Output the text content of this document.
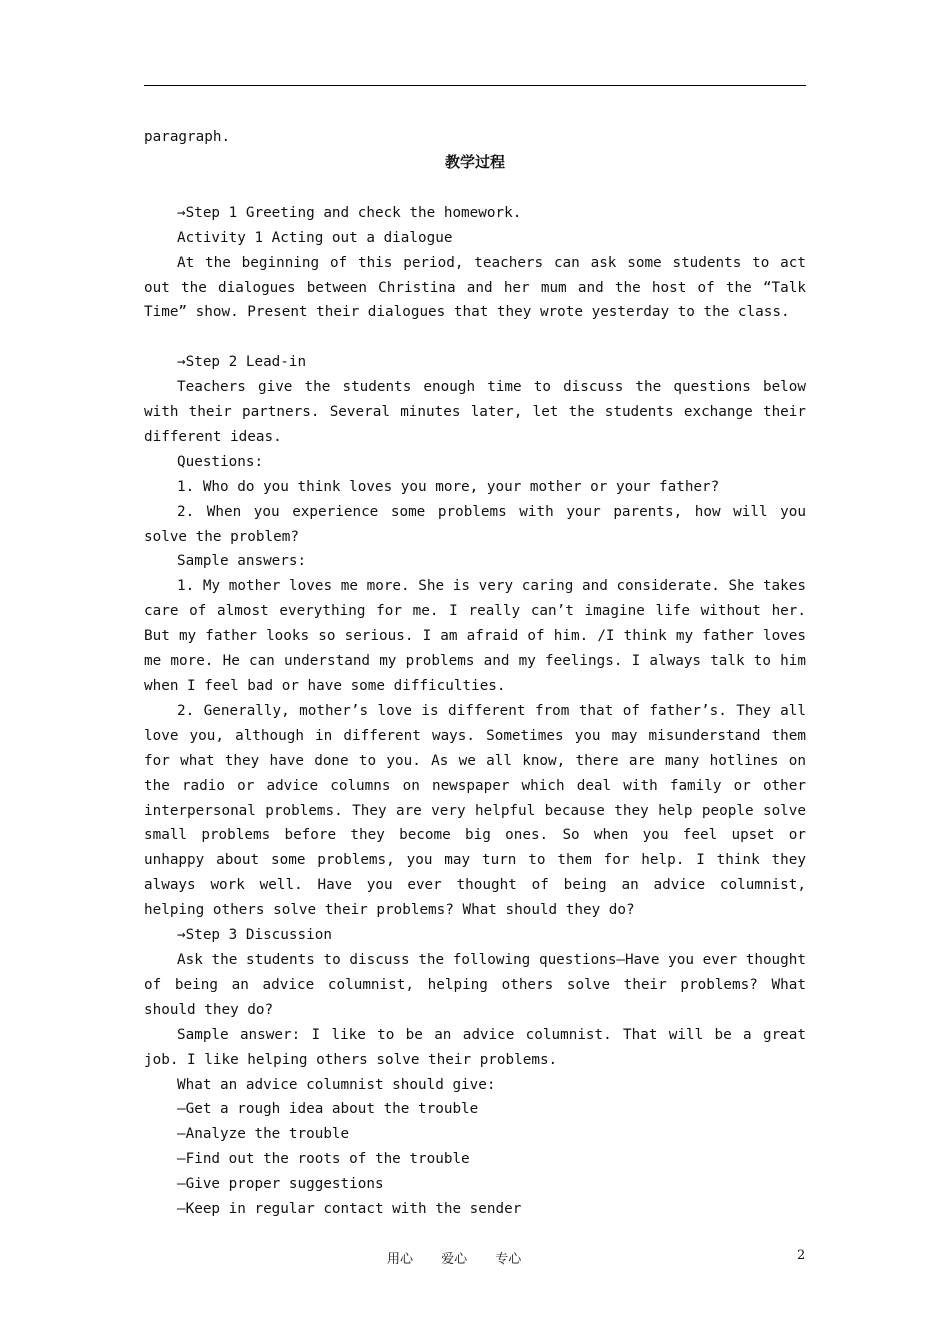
paragraph.

教学过程

→Step 1 Greeting and check the homework.

Activity 1 Acting out a dialogue

At the beginning of this period, teachers can ask some students to act out the dialogues between Christina and her mum and the host of the “Talk Time” show. Present their dialogues that they wrote yesterday to the class.

→Step 2 Lead-in

Teachers give the students enough time to discuss the questions below with their partners. Several minutes later, let the students exchange their different ideas.

Questions:

1. Who do you think loves you more, your mother or your father?

2. When you experience some problems with your parents, how will you solve the problem?

Sample answers:

1. My mother loves me more. She is very caring and considerate. She takes care of almost everything for me. I really can’t imagine life without her. But my father looks so serious. I am afraid of him. /I think my father loves me more. He can understand my problems and my feelings. I always talk to him when I feel bad or have some difficulties.

2. Generally, mother’s love is different from that of father’s. They all love you, although in different ways. Sometimes you may misunderstand them for what they have done to you. As we all know, there are many hotlines on the radio or advice columns on newspaper which deal with family or other interpersonal problems. They are very helpful because they help people solve small problems before they become big ones. So when you feel upset or unhappy about some problems, you may turn to them for help. I think they always work well. Have you ever thought of being an advice columnist, helping others solve their problems? What should they do?

→Step 3 Discussion

Ask the students to discuss the following questions—Have you ever thought of being an advice columnist, helping others solve their problems? What should they do?

Sample answer: I like to be an advice columnist. That will be a great job. I like helping others solve their problems.

What an advice columnist should give:

—Get a rough idea about the trouble

—Analyze the trouble

—Find out the roots of the trouble

—Give proper suggestions

—Keep in regular contact with the sender

用心 爱心 专心	2
